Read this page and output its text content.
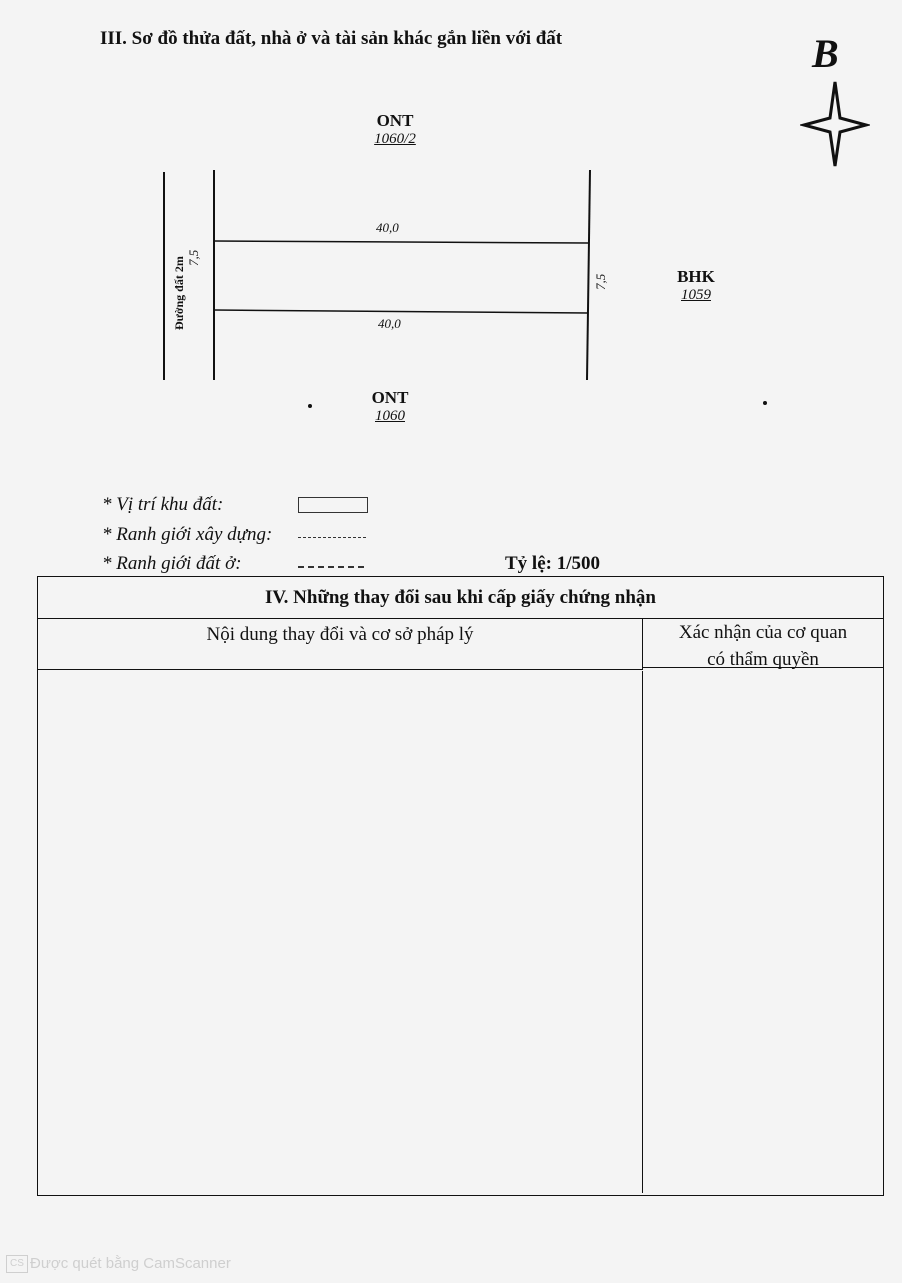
III. Sơ đồ thửa đất, nhà ở và tài sản khác gắn liền với đất	B
ONT
1060/2
ONT
1060
BHK
1059
40,0
40,0
7,5
7,5
Đường đất 2m
* Vị trí khu đất:
* Ranh giới xây dựng:
* Ranh giới đất ở:	Tỷ lệ: 1/500
IV. Những thay đổi sau khi cấp giấy chứng nhận
Nội dung thay đổi và cơ sở pháp lý	Xác nhận của cơ quan
có thẩm quyền
Được quét bằng CamScanner
CS
